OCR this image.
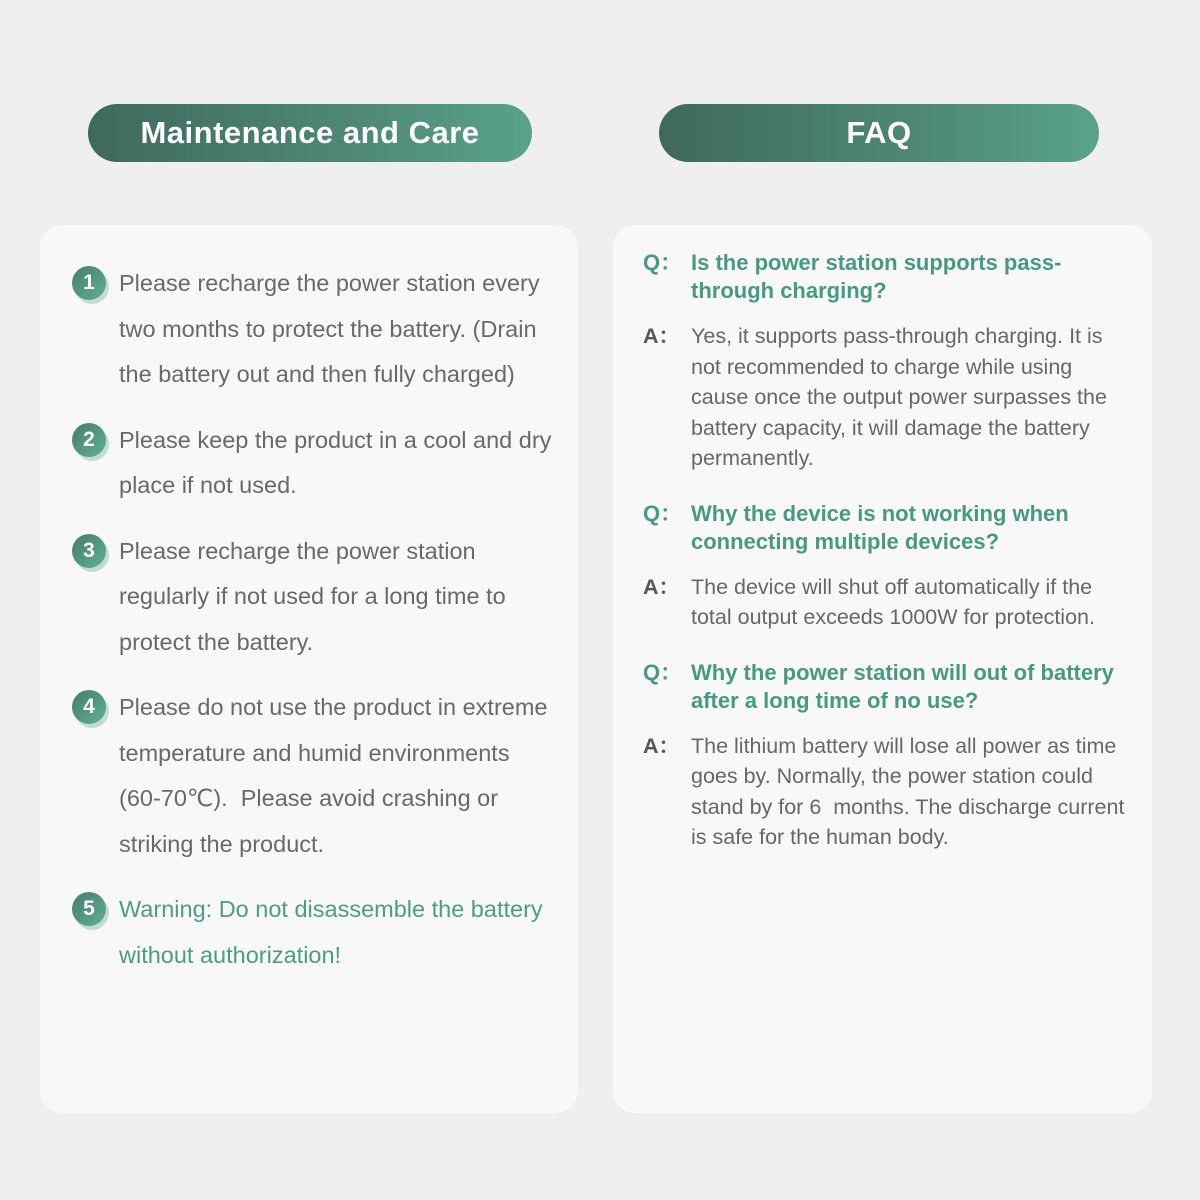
Maintenance and Care	FAQ
1	Please recharge the power station every two months to protect the battery. (Drain the battery out and then fully charged)
2	Please keep the product in a cool and dry place if not used.
3	Please recharge the power station regularly if not used for a long time to protect the battery.
4	Please do not use the product in extreme temperature and humid environments (60-70℃).  Please avoid crashing or striking the product.
5	Warning: Do not disassemble the battery without authorization!
Q： Is the power station supports pass-through charging?
A： Yes, it supports pass-through charging. It is not recommended to charge while using cause once the output power surpasses the battery capacity, it will damage the battery permanently.
Q： Why the device is not working when connecting multiple devices?
A： The device will shut off automatically if the total output exceeds 1000W for protection.
Q： Why the power station will out of battery after a long time of no use?
A： The lithium battery will lose all power as time goes by. Normally, the power station could stand by for 6  months. The discharge current is safe for the human body.
